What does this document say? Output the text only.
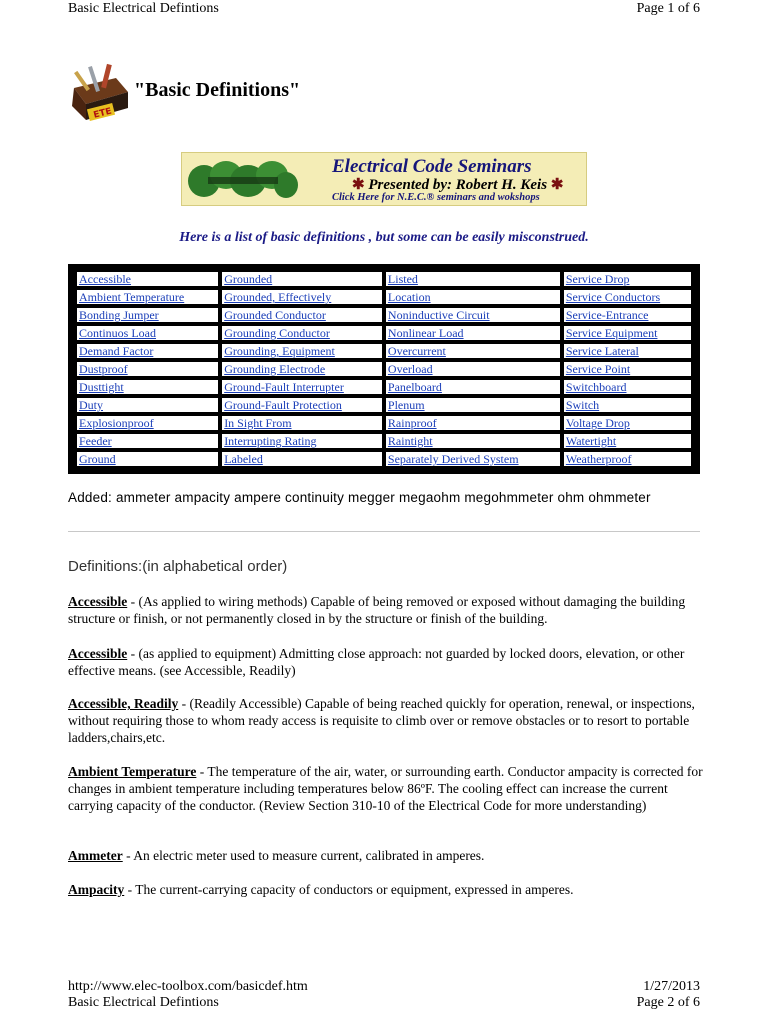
Basic Electrical Defintions	Page 1 of 6
ETE
"Basic Definitions"
Electrical Code Seminars
✱ Presented by: Robert H. Keis ✱
Click Here for N.E.C.® seminars and wokshops
Here is a list of basic definitions , but some can be easily misconstrued.
Accessible	Grounded	Listed	Service Drop
Ambient Temperature	Grounded, Effectively	Location	Service Conductors
Bonding Jumper	Grounded Conductor	Noninductive Circuit	Service-Entrance
Continuos Load	Grounding Conductor	Nonlinear Load	Service Equipment
Demand Factor	Grounding, Equipment	Overcurrent	Service Lateral
Dustproof	Grounding Electrode	Overload	Service Point
Dusttight	Ground-Fault Interrupter	Panelboard	Switchboard
Duty	Ground-Fault Protection	Plenum	Switch
Explosionproof	In Sight From	Rainproof	Voltage Drop
Feeder	Interrupting Rating	Raintight	Watertight
Ground	Labeled	Separately Derived System	Weatherproof
Added: ammeter ampacity ampere continuity megger megaohm megohmmeter ohm ohmmeter
Definitions:(in alphabetical order)
Accessible - (As applied to wiring methods) Capable of being removed or exposed without damaging the building structure or finish, or not permanently closed in by the structure or finish of the building.
Accessible - (as applied to equipment) Admitting close approach: not guarded by locked doors, elevation, or other effective means. (see Accessible, Readily)
Accessible, Readily - (Readily Accessible) Capable of being reached quickly for operation, renewal, or inspections, without requiring those to whom ready access is requisite to climb over or remove obstacles or to resort to portable ladders,chairs,etc.
Ambient Temperature - The temperature of the air, water, or surrounding earth. Conductor ampacity is corrected for changes in ambient temperature including temperatures below 86ºF. The cooling effect can increase the current carrying capacity of the conductor. (Review Section 310-10 of the Electrical Code for more understanding)
Ammeter - An electric meter used to measure current, calibrated in amperes.
Ampacity - The current-carrying capacity of conductors or equipment, expressed in amperes.
http://www.elec-toolbox.com/basicdef.htm	1/27/2013
Basic Electrical Defintions	Page 2 of 6
